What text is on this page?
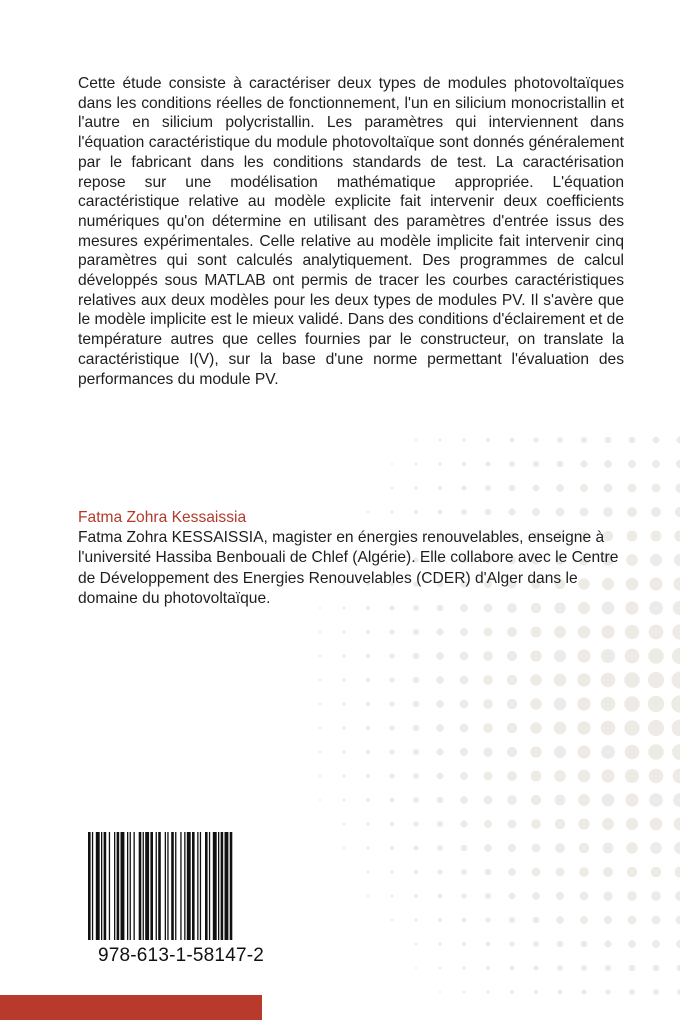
Cette étude consiste à caractériser deux types de modules photovoltaïques dans les conditions réelles de fonctionnement, l'un en silicium monocristallin et l'autre en silicium polycristallin. Les paramètres qui interviennent dans l'équation caractéristique du module photovoltaïque sont donnés généralement par le fabricant dans les conditions standards de test. La caractérisation repose sur une modélisation mathématique appropriée. L'équation caractéristique relative au modèle explicite fait intervenir deux coefficients numériques qu'on détermine en utilisant des paramètres d'entrée issus des mesures expérimentales. Celle relative au modèle implicite fait intervenir cinq paramètres qui sont calculés analytiquement. Des programmes de calcul développés sous MATLAB ont permis de tracer les courbes caractéristiques relatives aux deux modèles pour les deux types de modules PV. Il s'avère que le modèle implicite est le mieux validé. Dans des conditions d'éclairement et de température autres que celles fournies par le constructeur, on translate la caractéristique I(V), sur la base d'une norme permettant l'évaluation des performances du module PV.

Fatma Zohra Kessaissia
Fatma Zohra KESSAISSIA, magister en énergies renouvelables, enseigne à l'université Hassiba Benbouali de Chlef (Algérie). Elle collabore avec le Centre de Développement des Energies Renouvelables (CDER) d'Alger dans le domaine du photovoltaïque.
978-613-1-58147-2
